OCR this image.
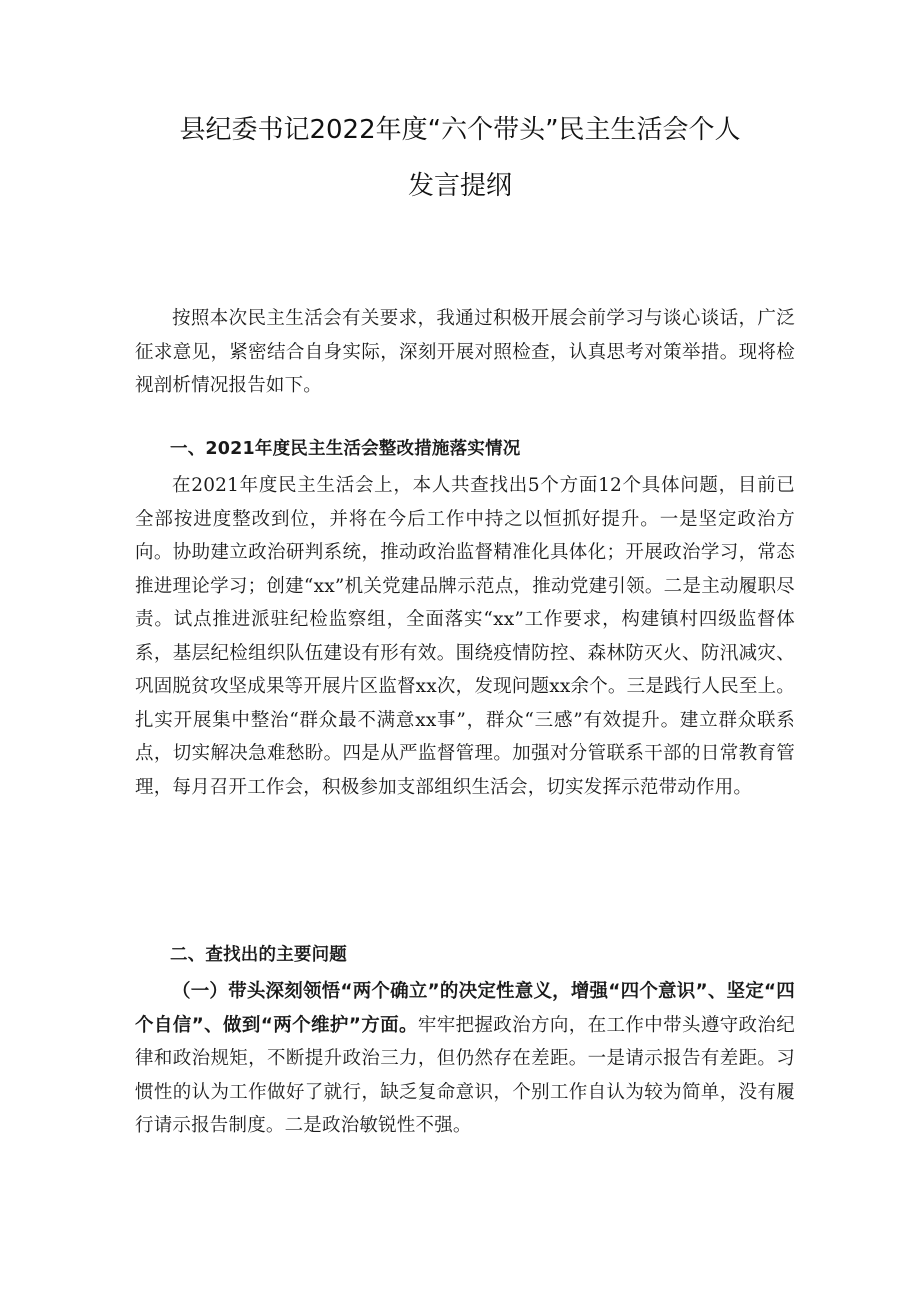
县纪委书记2022年度“六个带头”民主生活会个人
发言提纲
按照本次民主生活会有关要求，我通过积极开展会前学习与谈心谈话，广泛征求意见，紧密结合自身实际，深刻开展对照检查，认真思考对策举措。现将检视剖析情况报告如下。
一、2021年度民主生活会整改措施落实情况
在2021年度民主生活会上，本人共查找出5个方面12个具体问题，目前已全部按进度整改到位，并将在今后工作中持之以恒抓好提升。一是坚定政治方向。协助建立政治研判系统，推动政治监督精准化具体化；开展政治学习，常态推进理论学习；创建“xx”机关党建品牌示范点，推动党建引领。二是主动履职尽责。试点推进派驻纪检监察组，全面落实“xx”工作要求，构建镇村四级监督体系，基层纪检组织队伍建设有形有效。围绕疫情防控、森林防灭火、防汛减灾、巩固脱贫攻坚成果等开展片区监督xx次，发现问题xx余个。三是践行人民至上。扎实开展集中整治“群众最不满意xx事”，群众“三感”有效提升。建立群众联系点，切实解决急难愁盼。四是从严监督管理。加强对分管联系干部的日常教育管理，每月召开工作会，积极参加支部组织生活会，切实发挥示范带动作用。
二、查找出的主要问题
（一）带头深刻领悟“两个确立”的决定性意义，增强“四个意识”、坚定“四个自信”、做到“两个维护”方面。牢牢把握政治方向，在工作中带头遵守政治纪律和政治规矩，不断提升政治三力，但仍然存在差距。一是请示报告有差距。习惯性的认为工作做好了就行，缺乏复命意识，个别工作自认为较为简单，没有履行请示报告制度。二是政治敏锐性不强。
